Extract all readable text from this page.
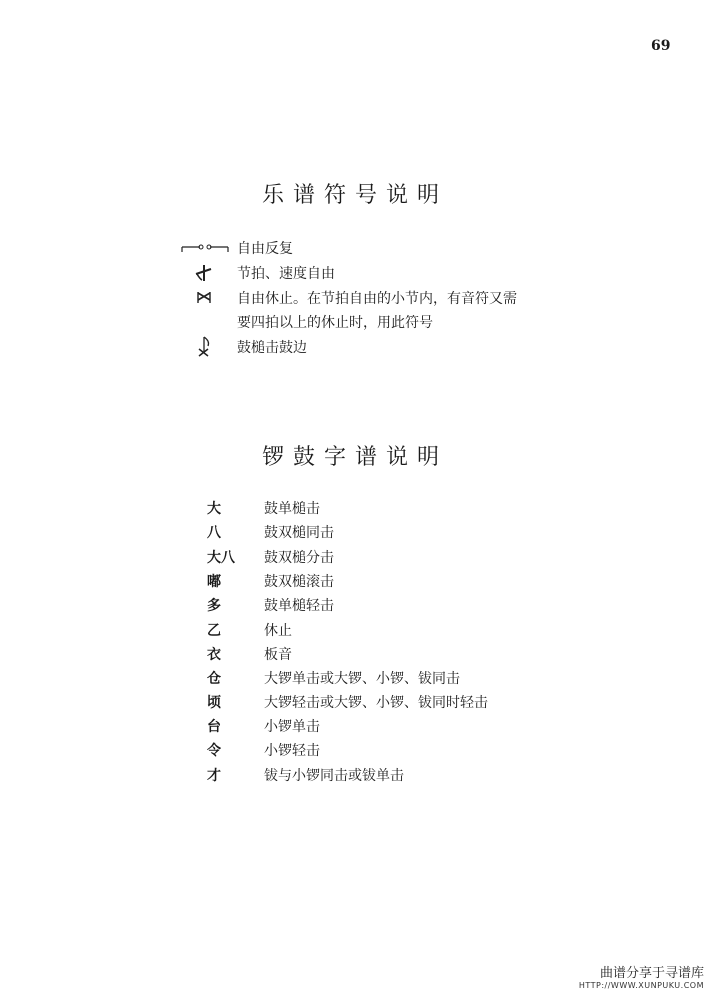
69
乐谱符号说明
自由反复
节拍、速度自由
自由休止。在节拍自由的小节内，有音符又需
要四拍以上的休止时，用此符号
鼓槌击鼓边
锣鼓字谱说明
大	鼓单槌击
八	鼓双槌同击
大八 鼓双槌分击
嘟	鼓双槌滚击
多	鼓单槌轻击
乙	休止
衣	板音
仓	大锣单击或大锣、小锣、钹同击
顷	大锣轻击或大锣、小锣、钹同时轻击
台	小锣单击
令	小锣轻击
才	钹与小锣同击或钹单击
曲谱分享于寻谱库
HTTP://WWW.XUNPUKU.COM
